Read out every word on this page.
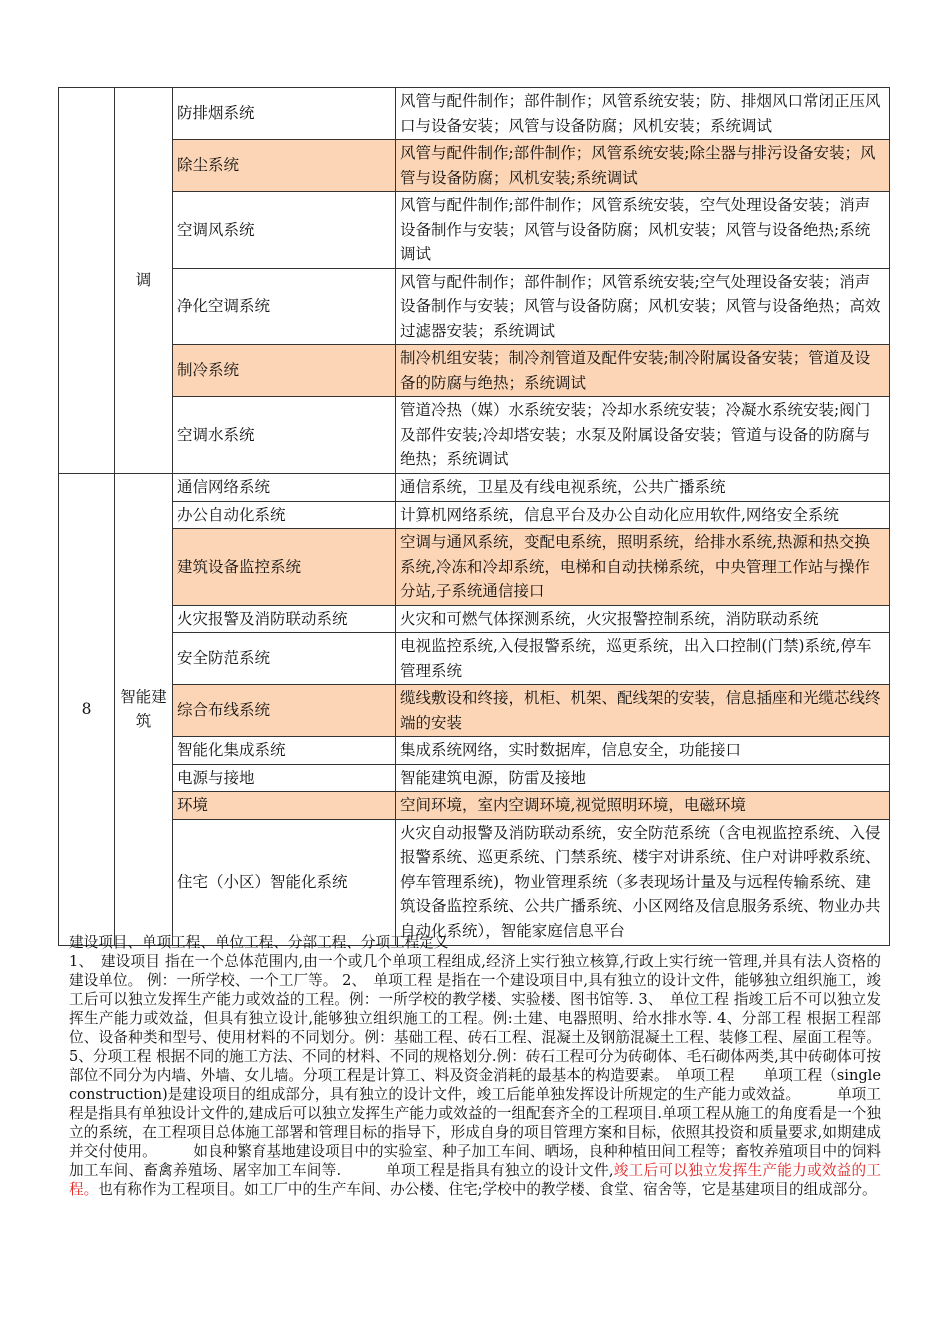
	调	防排烟系统	风管与配件制作；部件制作；风管系统安装；防、排烟风口常闭正压风口与设备安装；风管与设备防腐；风机安装；系统调试
		除尘系统	风管与配件制作;部件制作；风管系统安装;除尘器与排污设备安装；风管与设备防腐；风机安装;系统调试
		空调风系统	风管与配件制作;部件制作；风管系统安装，空气处理设备安装；消声设备制作与安装；风管与设备防腐；风机安装；风管与设备绝热;系统调试
		净化空调系统	风管与配件制作；部件制作；风管系统安装;空气处理设备安装；消声设备制作与安装；风管与设备防腐；风机安装；风管与设备绝热；高效过滤器安装；系统调试
		制冷系统	制冷机组安装；制冷剂管道及配件安装;制冷附属设备安装；管道及设备的防腐与绝热；系统调试
		空调水系统	管道冷热（媒）水系统安装；冷却水系统安装；冷凝水系统安装;阀门及部件安装;冷却塔安装；水泵及附属设备安装；管道与设备的防腐与绝热；系统调试
8	智能建筑	通信网络系统	通信系统，卫星及有线电视系统，公共广播系统
		办公自动化系统	计算机网络系统，信息平台及办公自动化应用软件,网络安全系统
		建筑设备监控系统	空调与通风系统，变配电系统，照明系统，给排水系统,热源和热交换系统,冷冻和冷却系统，电梯和自动扶梯系统，中央管理工作站与操作分站,子系统通信接口
		火灾报警及消防联动系统	火灾和可燃气体探测系统，火灾报警控制系统，消防联动系统
		安全防范系统	电视监控系统,入侵报警系统，巡更系统，出入口控制(门禁)系统,停车管理系统
		综合布线系统	缆线敷设和终接，机柜、机架、配线架的安装，信息插座和光缆芯线终端的安装
		智能化集成系统	集成系统网络，实时数据库，信息安全，功能接口
		电源与接地	智能建筑电源，防雷及接地
		环境	空间环境，室内空调环境,视觉照明环境，电磁环境
		住宅（小区）智能化系统	火灾自动报警及消防联动系统，安全防范系统（含电视监控系统、入侵报警系统、巡更系统、门禁系统、楼宇对讲系统、住户对讲呼救系统、停车管理系统)，物业管理系统（多表现场计量及与远程传输系统、建筑设备监控系统、公共广播系统、小区网络及信息服务系统、物业办共自动化系统），智能家庭信息平台

建设项目、单项工程、单位工程、分部工程、分项工程定义

1、　建设项目 指在一个总体范围内,由一个或几个单项工程组成,经济上实行独立核算,行政上实行统一管理,并具有法人资格的建设单位。 例：一所学校、一个工厂等。 2、　单项工程 是指在一个建设项目中,具有独立的设计文件，能够独立组织施工，竣工后可以独立发挥生产能力或效益的工程。例：一所学校的教学楼、实验楼、图书馆等. 3、　单位工程 指竣工后不可以独立发挥生产能力或效益，但具有独立设计,能够独立组织施工的工程。例:土建、电器照明、给水排水等. 4、分部工程 根据工程部位、设备种类和型号、使用材料的不同划分。例：基础工程、砖石工程、混凝土及钢筋混凝土工程、装修工程、屋面工程等。 5、分项工程 根据不同的施工方法、不同的材料、不同的规格划分.例：砖石工程可分为砖砌体、毛石砌体两类,其中砖砌体可按部位不同分为内墙、外墙、女儿墙。分项工程是计算工、料及资金消耗的最基本的构造要素。　单项工程　　单项工程（single construction)是建设项目的组成部分，具有独立的设计文件，竣工后能单独发挥设计所规定的生产能力或效益。　　　单项工程是指具有单独设计文件的,建成后可以独立发挥生产能力或效益的一组配套齐全的工程项目.单项工程从施工的角度看是一个独立的系统，在工程项目总体施工部署和管理目标的指导下，形成自身的项目管理方案和目标，依照其投资和质量要求,如期建成并交付使用。　　　如良种繁育基地建设项目中的实验室、种子加工车间、晒场，良种种植田间工程等；畜牧养殖项目中的饲料加工车间、畜禽养殖场、屠宰加工车间等.　　　单项工程是指具有独立的设计文件,竣工后可以独立发挥生产能力或效益的工程。也有称作为工程项目。如工厂中的生产车间、办公楼、住宅;学校中的教学楼、食堂、宿舍等，它是基建项目的组成部分。
